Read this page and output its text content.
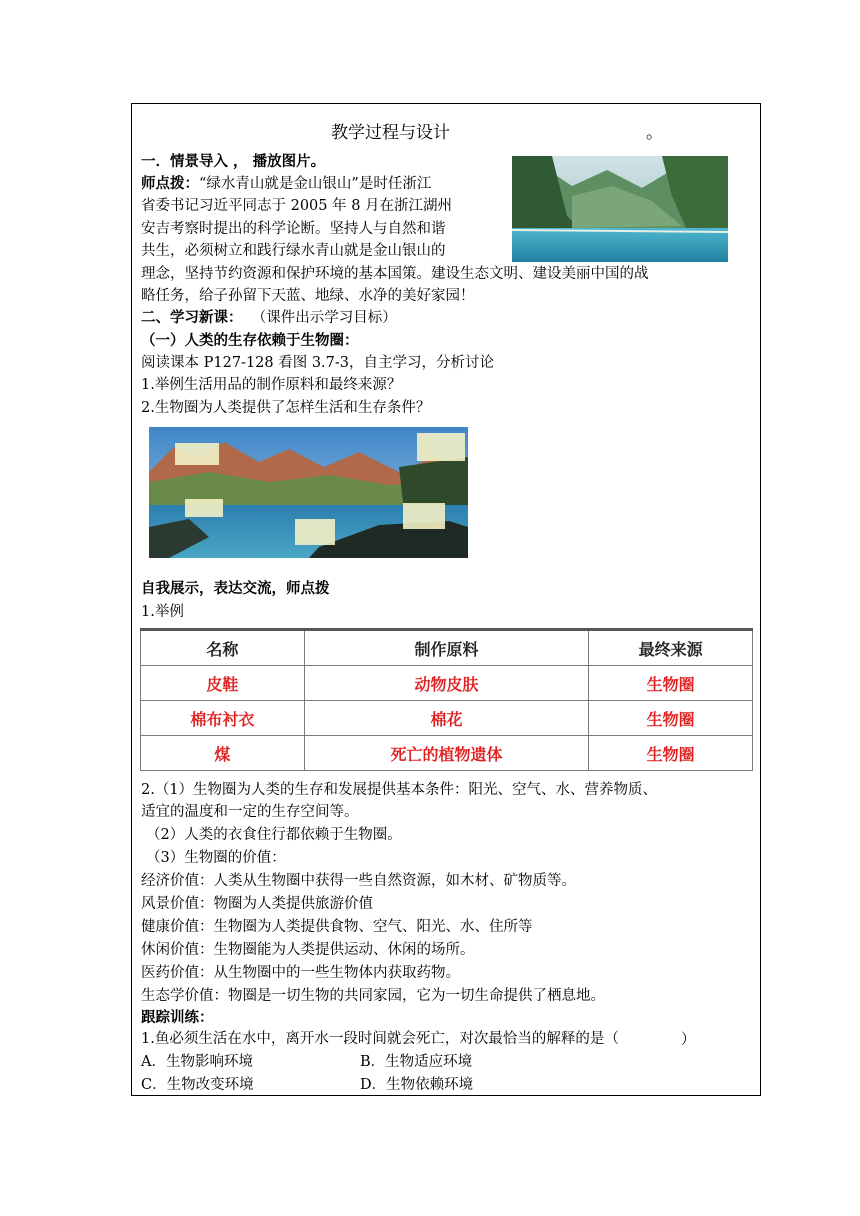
教学过程与设计	。
一．情景导入 ， 播放图片。
师点拨：“绿水青山就是金山银山”是时任浙江
省委书记习近平同志于 2005 年 8 月在浙江湖州
安吉考察时提出的科学论断。坚持人与自然和谐
共生，必须树立和践行绿水青山就是金山银山的
理念，坚持节约资源和保护环境的基本国策。建设生态文明、建设美丽中国的战
略任务，给子孙留下天蓝、地绿、水净的美好家园！
二、学习新课： （课件出示学习目标）
（一）人类的生存依赖于生物圈：
阅读课本 P127-128 看图 3.7-3，自主学习，分析讨论
1.举例生活用品的制作原料和最终来源？
2.生物圈为人类提供了怎样生活和生存条件？
自我展示，表达交流，师点拨
1.举例
名称	制作原料	最终来源
皮鞋	动物皮肤	生物圈
棉布衬衣	棉花	生物圈
煤	死亡的植物遗体	生物圈
2.（1）生物圈为人类的生存和发展提供基本条件：阳光、空气、水、营养物质、
适宜的温度和一定的生存空间等。
（2）人类的衣食住行都依赖于生物圈。
（3）生物圈的价值：
经济价值：人类从生物圈中获得一些自然资源，如木材、矿物质等。
风景价值：物圈为人类提供旅游价值
健康价值：生物圈为人类提供食物、空气、阳光、水、住所等
休闲价值：生物圈能为人类提供运动、休闲的场所。
医药价值：从生物圈中的一些生物体内获取药物。
生态学价值：物圈是一切生物的共同家园，它为一切生命提供了栖息地。
跟踪训练：
1.鱼必须生活在水中，离开水一段时间就会死亡，对次最恰当的解释的是（	）
A．生物影响环境	B．生物适应环境
C．生物改变环境	D．生物依赖环境
